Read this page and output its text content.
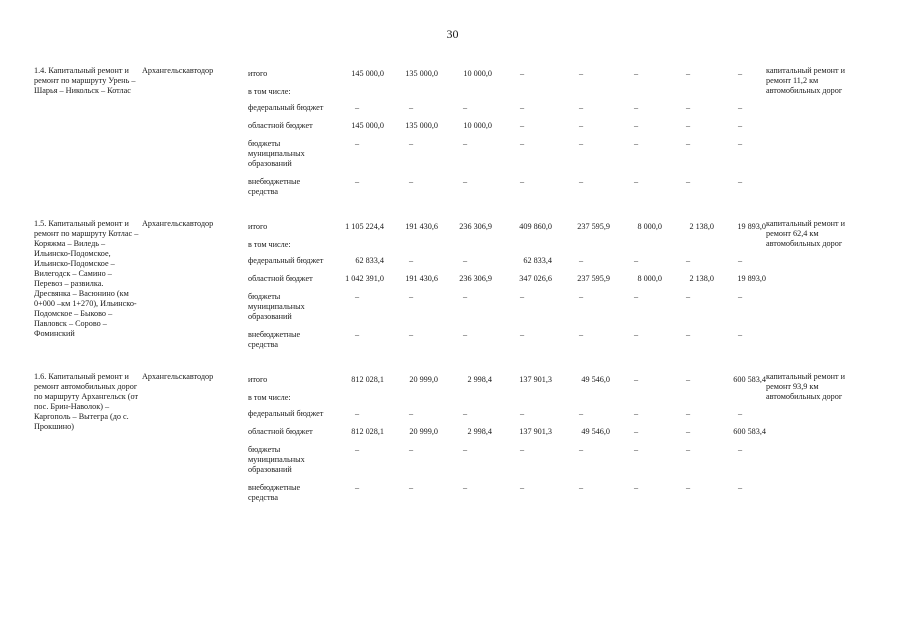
30
1.4. Капитальный ремонт и ремонт по маршруту Урень – Шарья – Никольск – Котлас	Архангельскавтодор	итого	145 000,0	135 000,0	10 000,0	–	–	–	–	–	капитальный ремонт и ремонт 11,2 км автомобильных дорог
		в том числе:									
		федеральный бюджет	–	–	–	–	–	–	–	–	
		областной бюджет	145 000,0	135 000,0	10 000,0	–	–	–	–	–	
		бюджеты муниципальных образований	–	–	–	–	–	–	–	–	
		внебюджетные средства	–	–	–	–	–	–	–	–	

1.5. Капитальный ремонт и ремонт по маршруту Котлас – Коряжма – Виледь – Ильинско-Подомское, Ильинско-Подомское – Вилегодск – Самино – Перевоз – развилка. Дресвянка – Васюнино (км 0+000 –км 1+270), Ильинско-Подомское – Быково – Павловск – Сорово – Фоминский	Архангельскавтодор	итого	1 105 224,4	191 430,6	236 306,9	409 860,0	237 595,9	8 000,0	2 138,0	19 893,0	капитальный ремонт и ремонт 62,4 км автомобильных дорог
		в том числе:									
		федеральный бюджет	62 833,4	–	–	62 833,4	–	–	–	–	
		областной бюджет	1 042 391,0	191 430,6	236 306,9	347 026,6	237 595,9	8 000,0	2 138,0	19 893,0	
		бюджеты муниципальных образований	–	–	–	–	–	–	–	–	
		внебюджетные средства	–	–	–	–	–	–	–	–	

1.6. Капитальный ремонт и ремонт автомобильных дорог по маршруту Архангельск (от пос. Брин-Наволок) – Каргополь – Вытегра (до с. Прокшино)	Архангельскавтодор	итого	812 028,1	20 999,0	2 998,4	137 901,3	49 546,0	–	–	600 583,4	капитальный ремонт и ремонт 93,9 км автомобильных дорог
		в том числе:									
		федеральный бюджет	–	–	–	–	–	–	–	–	
		областной бюджет	812 028,1	20 999,0	2 998,4	137 901,3	49 546,0	–	–	600 583,4	
		бюджеты муниципальных образований	–	–	–	–	–	–	–	–	
		внебюджетные средства	–	–	–	–	–	–	–	–	
